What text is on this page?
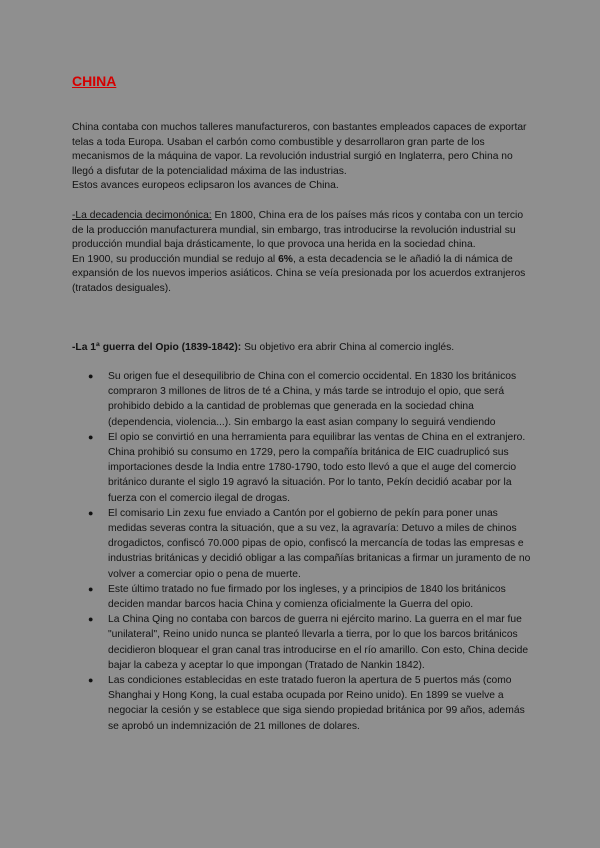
CHINA

China contaba con muchos talleres manufactureros, con bastantes empleados capaces de exportar telas a toda Europa. Usaban el carbón como combustible y desarrollaron gran parte de los mecanismos de la máquina de vapor. La revolución industrial surgió en Inglaterra, pero China no llegó a disfutar de la potencialidad máxima de las industrias.

Estos avances europeos eclipsaron los avances de China.

-La decadencia decimonónica: En 1800, China era de los países más ricos y contaba con un tercio de la producción manufacturera mundial, sin embargo, tras introducirse la revolución industrial su producción mundial baja drásticamente, lo que provoca una herida en la sociedad china.

En 1900, su producción mundial se redujo al 6%, a esta decadencia se le añadió la di námica de expansión de los nuevos imperios asiáticos. China se veía presionada por los acuerdos extranjeros (tratados desiguales).

-La 1ª guerra del Opio (1839-1842): Su objetivo era abrir China al comercio inglés.

● Su origen fue el desequilibrio de China con el comercio occidental. En 1830 los británicos compraron 3 millones de litros de té a China, y más tarde se introdujo el opio, que será prohibido debido a la cantidad de problemas que generada en la sociedad china (dependencia, violencia...). Sin embargo la east asian company lo seguirá vendiendo
● El opio se convirtió en una herramienta para equilibrar las ventas de China en el extranjero. China prohibió su consumo en 1729, pero la compañía británica de EIC cuadruplicó sus importaciones desde la India entre 1780-1790, todo esto llevó a que el auge del comercio británico durante el siglo 19 agravó la situación. Por lo tanto, Pekín decidió acabar por la fuerza con el comercio ilegal de drogas.
● El comisario Lin zexu fue enviado a Cantón por el gobierno de pekín para poner unas medidas severas contra la situación, que a su vez, la agravaría: Detuvo a miles de chinos drogadictos, confiscó 70.000 pipas de opio, confiscó la mercancía de todas las empresas e industrias británicas y decidió obligar a las compañías britanicas a firmar un juramento de no volver a comerciar opio o pena de muerte.
● Este último tratado no fue firmado por los ingleses, y a principios de 1840 los británicos deciden mandar barcos hacia China y comienza oficialmente la Guerra del opio.
● La China Qing no contaba con barcos de guerra ni ejército marino. La guerra en el mar fue "unilateral", Reino unido nunca se planteó llevarla a tierra, por lo que los barcos británicos decidieron bloquear el gran canal tras introducirse en el río amarillo. Con esto, China decide bajar la cabeza y aceptar lo que impongan (Tratado de Nankin 1842).
● Las condiciones establecidas en este tratado fueron la apertura de 5 puertos más (como Shanghai y Hong Kong, la cual estaba ocupada por Reino unido). En 1899 se vuelve a negociar la cesión y se establece que siga siendo propiedad británica por 99 años, además se aprobó un indemnización de 21 millones de dolares.
